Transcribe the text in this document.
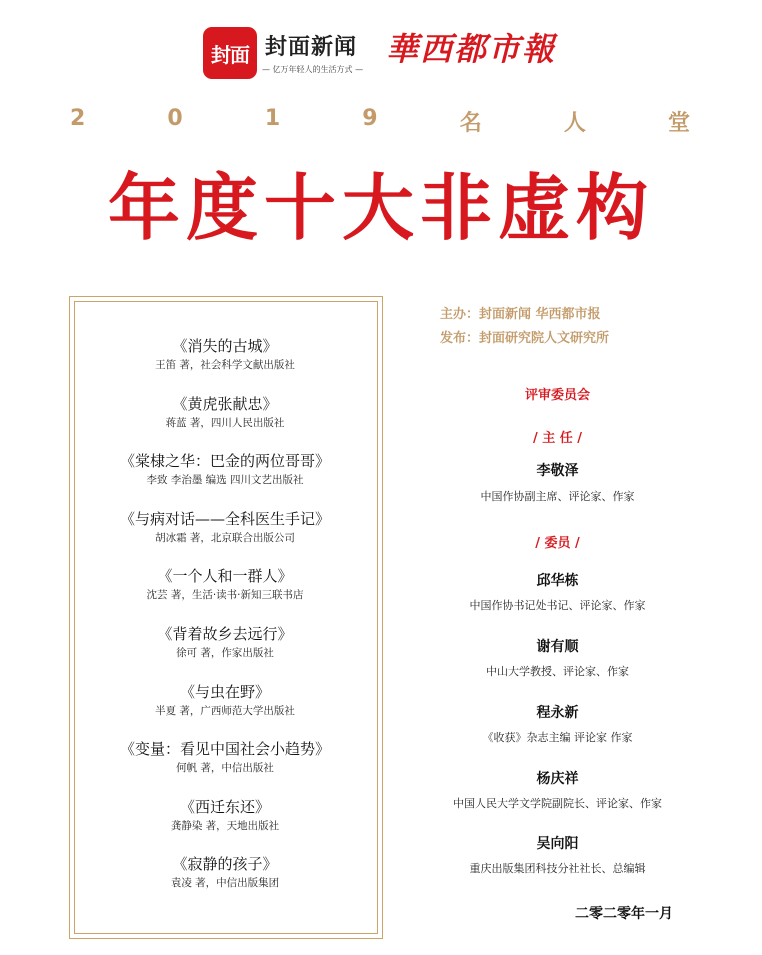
封面 封面新闻
— 亿万年轻人的生活方式 —
華西都市報
2	0	1	9	名	人	堂
年度十大非虚构
《消失的古城》
王笛 著，社会科学文献出版社
《黄虎张献忠》
蒋蓝 著，四川人民出版社
《棠棣之华：巴金的两位哥哥》
李致 李治墨 编选 四川文艺出版社
《与病对话——全科医生手记》
胡冰霜 著，北京联合出版公司
《一个人和一群人》
沈芸 著，生活·读书·新知三联书店
《背着故乡去远行》
徐可 著，作家出版社
《与虫在野》
半夏 著，广西师范大学出版社
《变量：看见中国社会小趋势》
何帆 著，中信出版社
《西迁东还》
龚静染 著，天地出版社
《寂静的孩子》
袁凌 著，中信出版集团
主办：封面新闻 华西都市报
发布：封面研究院人文研究所
评审委员会
/ 主 任 /
李敬泽
中国作协副主席、评论家、作家
/ 委员 /
邱华栋
中国作协书记处书记、评论家、作家
谢有顺
中山大学教授、评论家、作家
程永新
《收获》杂志主编 评论家 作家
杨庆祥
中国人民大学文学院副院长、评论家、作家
吴向阳
重庆出版集团科技分社社长、总编辑
二零二零年一月
